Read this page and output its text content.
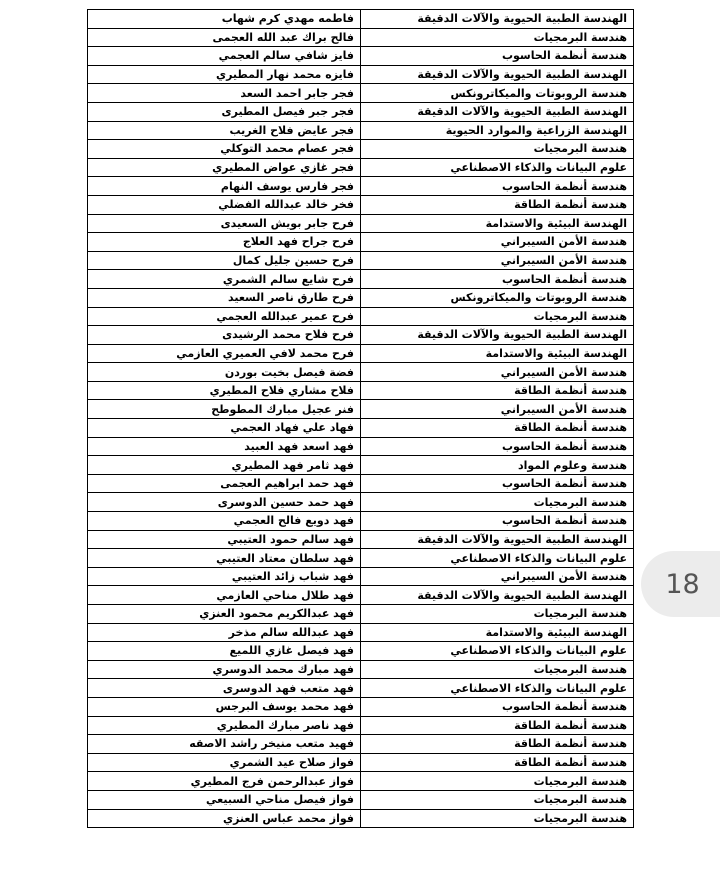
الهندسة الطبية الحيوية والآلات الدقيقة	فاطمه مهدي كرم شهاب
هندسة البرمجيات	فالح براك عبد الله العجمى
هندسة أنظمة الحاسوب	فايز شافي سالم العجمي
الهندسة الطبية الحيوية والآلات الدقيقة	فايزه محمد نهار المطيري
هندسة الروبوتات والميكاترونكس	فجر جابر احمد السعد
الهندسة الطبية الحيوية والآلات الدقيقة	فجر جبر فيصل المطيرى
الهندسة الزراعية والموارد الحيوية	فجر عايض فلاح الغريب
هندسة البرمجيات	فجر عصام محمد التوكلي
علوم البيانات والذكاء الاصطناعي	فجر غازي عواض المطيري
هندسة أنظمة الحاسوب	فجر فارس يوسف النهام
هندسة أنظمة الطاقة	فخر خالد عبدالله الفضلي
الهندسة البيئية والاستدامة	فرح جابر بويش السعيدى
هندسة الأمن السيبراني	فرح جراح فهد العلاج
هندسة الأمن السيبراني	فرح حسين جليل كمال
هندسة أنظمة الحاسوب	فرح شايع سالم الشمري
هندسة الروبوتات والميكاترونكس	فرح طارق ناصر السعيد
هندسة البرمجيات	فرح عمير عبدالله العجمي
الهندسة الطبية الحيوية والآلات الدقيقة	فرح فلاح محمد الرشيدى
الهندسة البيئية والاستدامة	فرح محمد لافي العميري العازمي
هندسة الأمن السيبراني	فضة فيصل بخيت بوردن
هندسة أنظمة الطاقة	فلاح مشاري فلاح المطيري
هندسة الأمن السيبراني	فنر عجيل مبارك المطوطح
هندسة أنظمة الطاقة	فهاد علي فهاد العجمي
هندسة أنظمة الحاسوب	فهد اسعد فهد العبيد
هندسة وعلوم المواد	فهد ثامر فهد المطيري
هندسة أنظمة الحاسوب	فهد حمد ابراهيم العجمى
هندسة البرمجيات	فهد حمد حسين الدوسرى
هندسة أنظمة الحاسوب	فهد دويع فالح العجمي
الهندسة الطبية الحيوية والآلات الدقيقة	فهد سالم حمود العتيبي
علوم البيانات والذكاء الاصطناعي	فهد سلطان معتاد العتيبي
هندسة الأمن السيبراني	فهد شباب زائد العتيبي
الهندسة الطبية الحيوية والآلات الدقيقة	فهد طلال مناحي العازمي
هندسة البرمجيات	فهد عبدالكريم محمود العنزي
الهندسة البيئية والاستدامة	فهد عبدالله سالم مذخر
علوم البيانات والذكاء الاصطناعي	فهد فيصل غازي اللميع
هندسة البرمجيات	فهد مبارك محمد الدوسري
علوم البيانات والذكاء الاصطناعي	فهد متعب فهد الدوسرى
هندسة أنظمة الحاسوب	فهد محمد يوسف البرجس
هندسة أنظمة الطاقة	فهد ناصر مبارك المطيري
هندسة أنظمة الطاقة	فهيد متعب منيخر راشد الاصقه
هندسة أنظمة الطاقة	فواز صلاح عيد الشمري
هندسة البرمجيات	فواز عبدالرحمن فرج المطيري
هندسة البرمجيات	فواز فيصل مناحي السبيعي
هندسة البرمجيات	فواز محمد عباس العنزي
18
